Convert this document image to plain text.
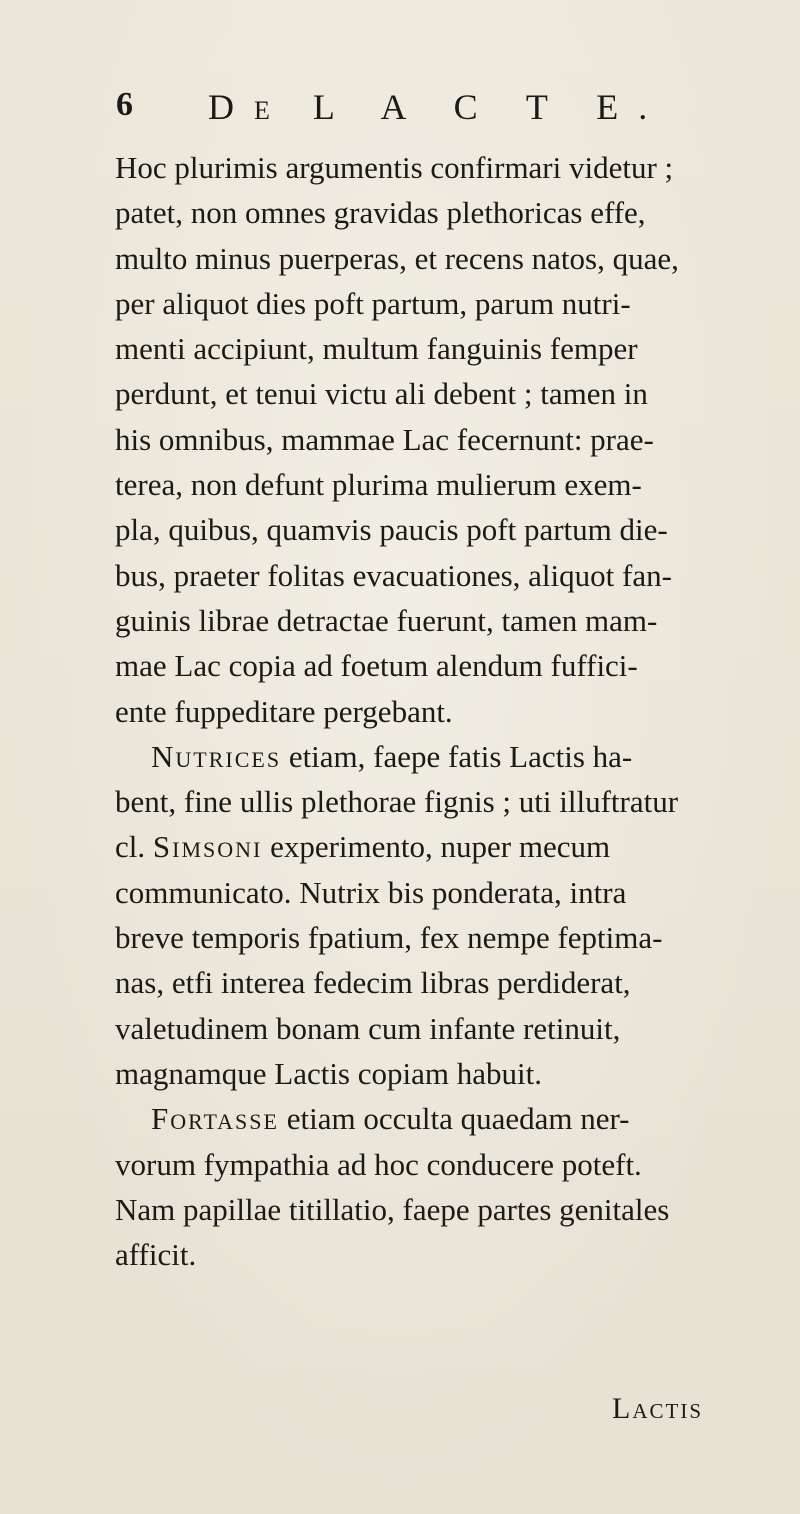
6 DE L A C T E.
Hoc plurimis argumentis confirmari videtur ;
patet, non omnes gravidas plethoricas effe,
multo minus puerperas, et recens natos, quae,
per aliquot dies poft partum, parum nutri-
menti accipiunt, multum fanguinis femper
perdunt, et tenui victu ali debent ; tamen in
his omnibus, mammae Lac fecernunt: prae-
terea, non defunt plurima mulierum exem-
pla, quibus, quamvis paucis poft partum die-
bus, praeter folitas evacuationes, aliquot fan-
guinis librae detractae fuerunt, tamen mam-
mae Lac copia ad foetum alendum fuffici-
ente fuppeditare pergebant.
Nutrices
etiam, faepe fatis Lactis ha-
bent, fine ullis plethorae fignis ; uti illuftratur
cl.
Simsoni
experimento, nuper mecum
communicato. Nutrix bis ponderata, intra
breve temporis fpatium, fex nempe feptima-
nas, etfi interea fedecim libras perdiderat,
valetudinem bonam cum infante retinuit,
magnamque Lactis copiam habuit.
Fortasse
etiam occulta quaedam ner-
vorum fympathia ad hoc conducere poteft.
Nam papillae titillatio, faepe partes genitales
afficit.
Lactis
